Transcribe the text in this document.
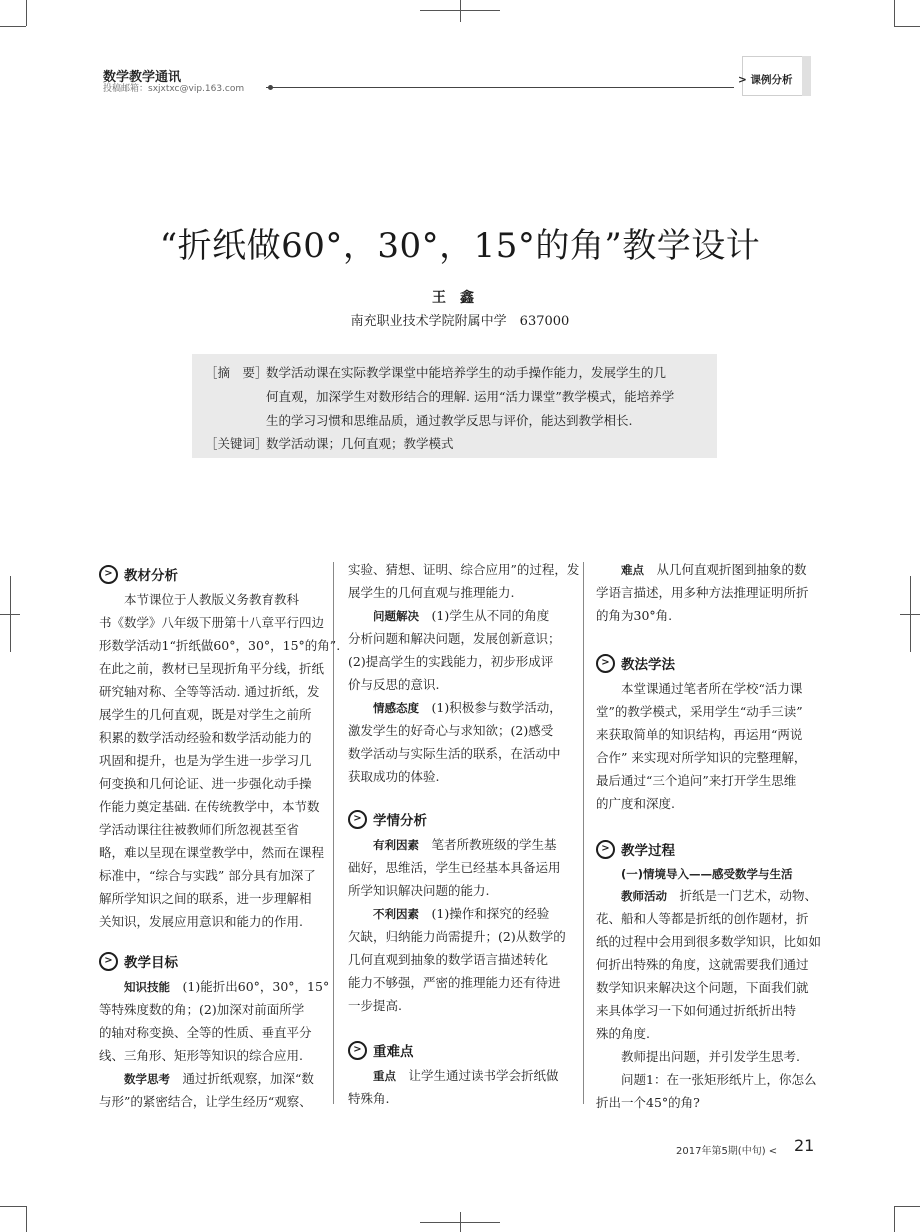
数学教学通讯
投稿邮箱：sxjxtxc@vip.163.com
> 课例分析
“折纸做60°，30°，15°的角”教学设计
王鑫
南充职业技术学院附属中学　637000
［摘　要］
数学活动课在实际教学课堂中能培养学生的动手操作能力，发展学生的几
何直观，加深学生对数形结合的理解. 运用“活力课堂”教学模式，能培养学
生的学习习惯和思维品质，通过教学反思与评价，能达到教学相长.
［关键词］
数学活动课；几何直观；教学模式
> 教材分析
　　本节课位于人教版义务教育教科
书《数学》八年级下册第十八章平行四边
形数学活动1“折纸做60°，30°，15°的角”.
在此之前，教材已呈现折角平分线，折纸
研究轴对称、全等等活动. 通过折纸，发
展学生的几何直观，既是对学生之前所
积累的数学活动经验和数学活动能力的
巩固和提升，也是为学生进一步学习几
何变换和几何论证、进一步强化动手操
作能力奠定基础. 在传统教学中，本节数
学活动课往往被教师们所忽视甚至省
略，难以呈现在课堂教学中，然而在课程
标准中，“综合与实践” 部分具有加深了
解所学知识之间的联系，进一步理解相
关知识，发展应用意识和能力的作用.
> 教学目标
　　知识技能　 (1)能折出60°，30°，15°
等特殊度数的角；(2)加深对前面所学
的轴对称变换、全等的性质、垂直平分
线、三角形、矩形等知识的综合应用.
　　数学思考　 通过折纸观察，加深“数
与形”的紧密结合，让学生经历“观察、
实验、猜想、证明、综合应用”的过程，发
展学生的几何直观与推理能力.
　　问题解决　 (1)学生从不同的角度
分析问题和解决问题，发展创新意识；
(2)提高学生的实践能力，初步形成评
价与反思的意识.
　　情感态度　 (1)积极参与数学活动，
激发学生的好奇心与求知欲；(2)感受
数学活动与实际生活的联系，在活动中
获取成功的体验.
> 学情分析
　　有利因素　 笔者所教班级的学生基
础好，思维活，学生已经基本具备运用
所学知识解决问题的能力.
　　不利因素　 (1)操作和探究的经验
欠缺，归纳能力尚需提升；(2)从数学的
几何直观到抽象的数学语言描述转化
能力不够强，严密的推理能力还有待进
一步提高.
> 重难点
　　重点　 让学生通过读书学会折纸做
特殊角.
　　难点　 从几何直观折图到抽象的数
学语言描述，用多种方法推理证明所折
的角为30°角.
> 教法学法
　　本堂课通过笔者所在学校“活力课
堂”的教学模式，采用学生“动手三读”
来获取简单的知识结构，再运用“两说
合作” 来实现对所学知识的完整理解，
最后通过“三个追问”来打开学生思维
的广度和深度.
> 教学过程
　　(一)情境导入——感受数学与生活
　　教师活动　 折纸是一门艺术，动物、
花、船和人等都是折纸的创作题材，折
纸的过程中会用到很多数学知识，比如如
何折出特殊的角度，这就需要我们通过
数学知识来解决这个问题，下面我们就
来具体学习一下如何通过折纸折出特
殊的角度.
　　教师提出问题，并引发学生思考.
　　问题1：在一张矩形纸片上，你怎么
折出一个45°的角?
2017年第5期(中旬) < 21
